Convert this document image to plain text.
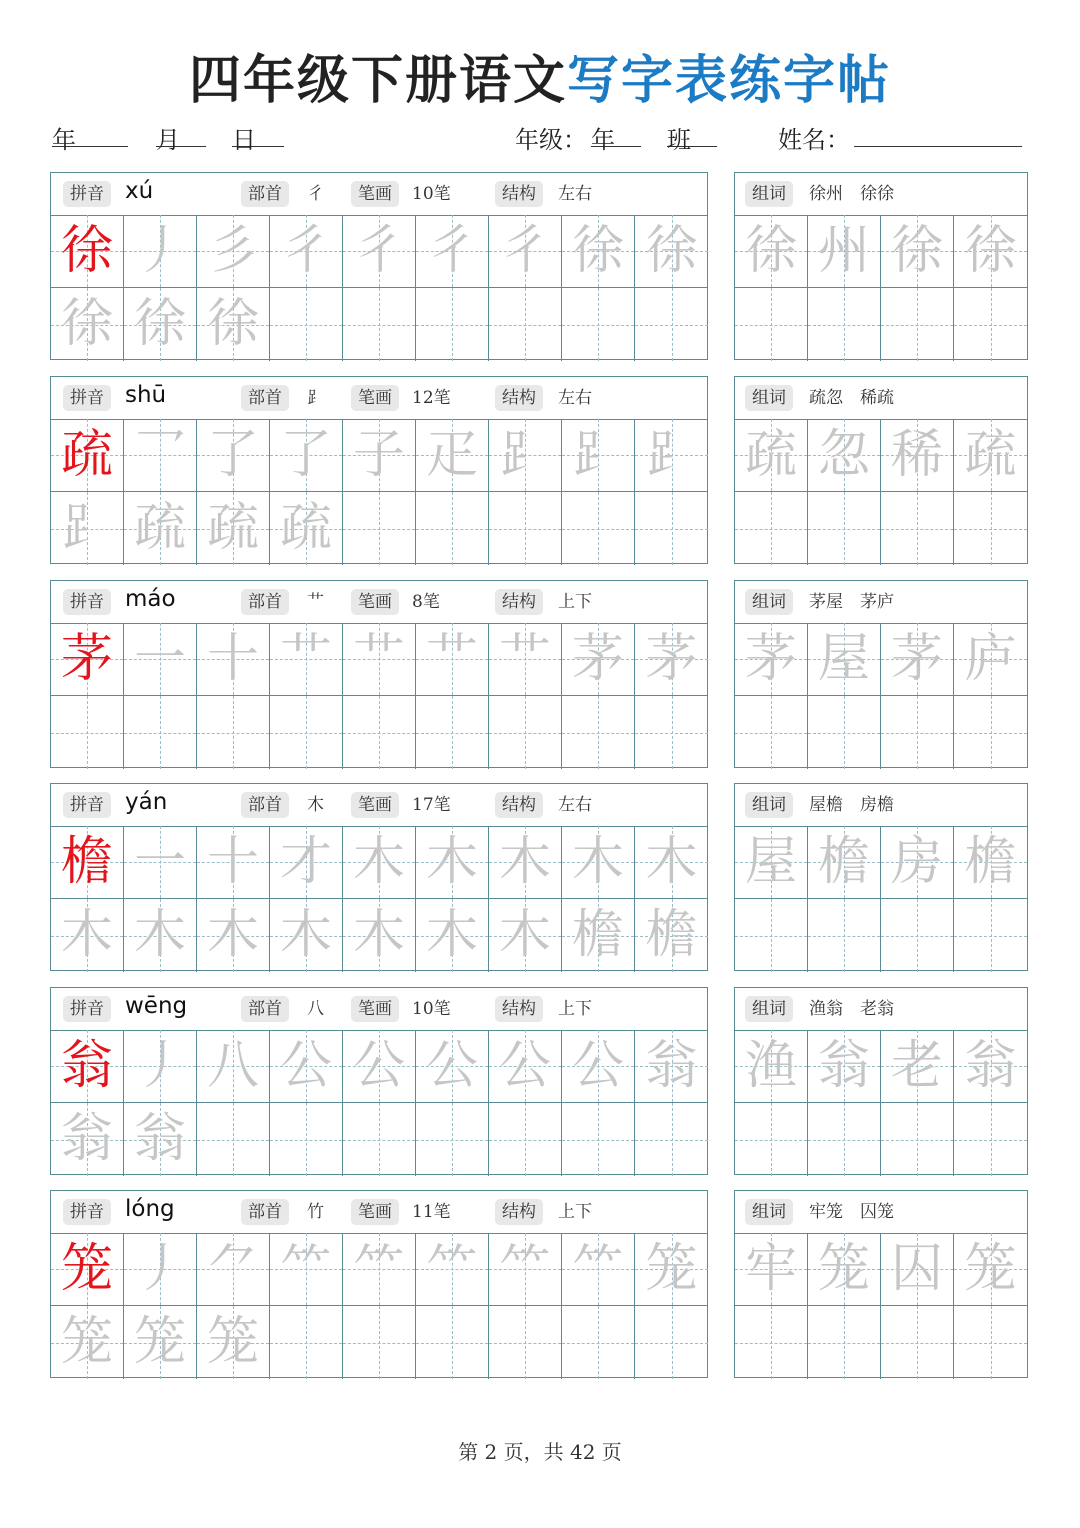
四年级下册语文写字表练字帖
年	月 日	年级： 年 班	姓名：
拼音 xú	部首	彳	笔画	10笔	结构	左右
徐 丿 彡 彳 彳 彳 彳 徐 徐
徐 徐 徐
组词	徐州　徐徐
徐 州 徐 徐
拼音 shū	部首	⻊	笔画	12笔	结构	左右
疏 乛 了 了 子 疋 ⻊ ⻊ ⻊
⻊ 疏 疏 疏
组词	疏忽　稀疏
疏 忽 稀 疏
拼音 máo	部首	艹	笔画	8笔	结构	上下
茅 一 十 艹 艹 艹 艹 茅 茅
组词	茅屋　茅庐
茅 屋 茅 庐
拼音 yán	部首	木	笔画	17笔	结构	左右
檐 一 十 才 木 木 木 木 木
木 木 木 木 木 木 木 檐 檐
组词	屋檐　房檐
屋 檐 房 檐
拼音 wēng	部首	八	笔画	10笔	结构	上下
翁 丿 八 公 公 公 公 公 翁
翁 翁
组词	渔翁　老翁
渔 翁 老 翁
拼音 lóng	部首	竹	笔画	11笔	结构	上下
笼 丿 ⺈ ⺮ ⺮ ⺮ ⺮ ⺮ 笼
笼 笼 笼
组词	牢笼　囚笼
牢 笼 囚 笼
第 2 页，共 42 页
